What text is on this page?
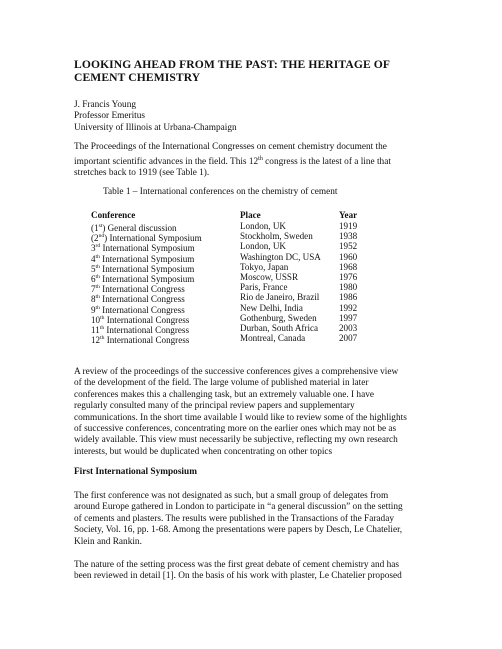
LOOKING AHEAD FROM THE PAST: THE HERITAGE OF
CEMENT CHEMISTRY
J. Francis Young
Professor Emeritus
University of Illinois at Urbana-Champaign
The Proceedings of the International Congresses on cement chemistry document the
important scientific advances in the field. This 12th congress is the latest of a line that
stretches back to 1919 (see Table 1).
Table 1 – International conferences on the chemistry of cement
Conference	Place	Year
(1st) General discussion	London, UK	1919
(2nd) International Symposium	Stockholm, Sweden	1938
3rd International Symposium	London, UK	1952
4th International Symposium	Washington DC, USA 1960
5th International Symposium	Tokyo, Japan	1968
6th International Symposium	Moscow, USSR	1976
7th International Congress	Paris, France	1980
8th International Congress	Rio de Janeiro, Brazil 1986
9th International Congress	New Delhi, India	1992
10th International Congress	Gothenburg, Sweden 1997
11th International Congress	Durban, South Africa 2003
12th International Congress	Montreal, Canada	2007
A review of the proceedings of the successive conferences gives a comprehensive view
of the development of the field. The large volume of published material in later
conferences makes this a challenging task, but an extremely valuable one. I have
regularly consulted many of the principal review papers and supplementary
communications. In the short time available I would like to review some of the highlights
of successive conferences, concentrating more on the earlier ones which may not be as
widely available. This view must necessarily be subjective, reflecting my own research
interests, but would be duplicated when concentrating on other topics
First International Symposium
The first conference was not designated as such, but a small group of delegates from
around Europe gathered in London to participate in “a general discussion” on the setting
of cements and plasters. The results were published in the Transactions of the Faraday
Society, Vol. 16, pp. 1-68. Among the presentations were papers by Desch, Le Chatelier,
Klein and Rankin.
The nature of the setting process was the first great debate of cement chemistry and has
been reviewed in detail [1]. On the basis of his work with plaster, Le Chatelier proposed
